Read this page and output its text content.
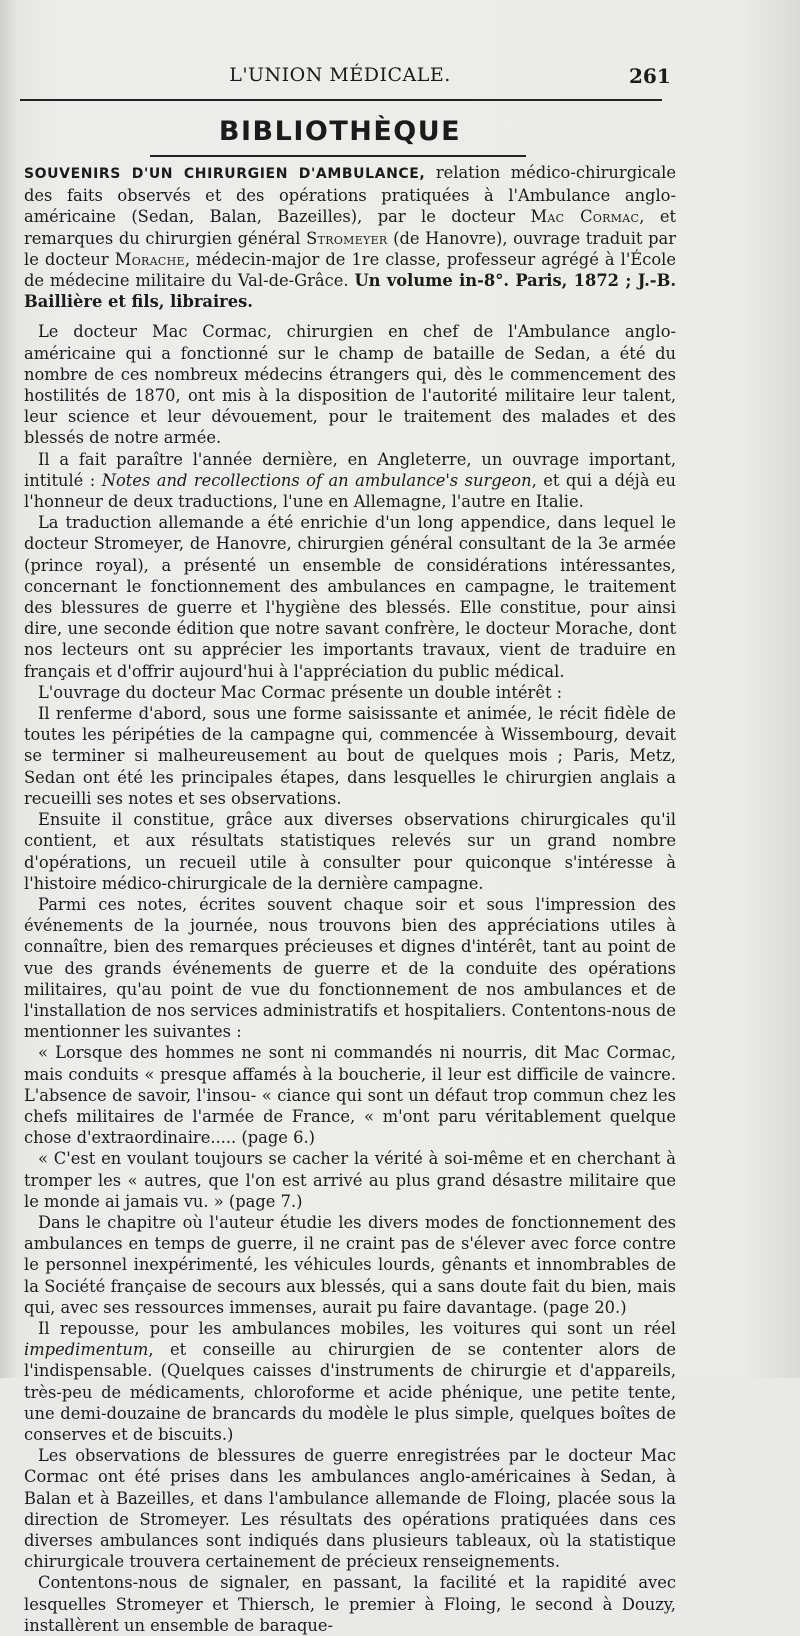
L'UNION MÉDICALE.	261
BIBLIOTHÈQUE

SOUVENIRS D'UN CHIRURGIEN D'AMBULANCE, relation médico-chirurgicale des faits observés et des opérations pratiquées à l'Ambulance anglo-américaine (Sedan, Balan, Bazeilles), par le docteur Mac Cormac, et remarques du chirurgien général Stromeyer (de Hanovre), ouvrage traduit par le docteur Morache, médecin-major de 1re classe, professeur agrégé à l'École de médecine militaire du Val-de-Grâce. Un volume in-8°. Paris, 1872 ; J.-B. Baillière et fils, libraires.

Le docteur Mac Cormac, chirurgien en chef de l'Ambulance anglo-américaine qui a fonctionné sur le champ de bataille de Sedan, a été du nombre de ces nombreux médecins étrangers qui, dès le commencement des hostilités de 1870, ont mis à la disposition de l'autorité militaire leur talent, leur science et leur dévouement, pour le traitement des malades et des blessés de notre armée.

Il a fait paraître l'année dernière, en Angleterre, un ouvrage important, intitulé : Notes and recollections of an ambulance's surgeon, et qui a déjà eu l'honneur de deux traductions, l'une en Allemagne, l'autre en Italie.

La traduction allemande a été enrichie d'un long appendice, dans lequel le docteur Stromeyer, de Hanovre, chirurgien général consultant de la 3e armée (prince royal), a présenté un ensemble de considérations intéressantes, concernant le fonctionnement des ambulances en campagne, le traitement des blessures de guerre et l'hygiène des blessés. Elle constitue, pour ainsi dire, une seconde édition que notre savant confrère, le docteur Morache, dont nos lecteurs ont su apprécier les importants travaux, vient de traduire en français et d'offrir aujourd'hui à l'appréciation du public médical.

L'ouvrage du docteur Mac Cormac présente un double intérêt :

Il renferme d'abord, sous une forme saisissante et animée, le récit fidèle de toutes les péripéties de la campagne qui, commencée à Wissembourg, devait se terminer si malheureusement au bout de quelques mois ; Paris, Metz, Sedan ont été les principales étapes, dans lesquelles le chirurgien anglais a recueilli ses notes et ses observations.

Ensuite il constitue, grâce aux diverses observations chirurgicales qu'il contient, et aux résultats statistiques relevés sur un grand nombre d'opérations, un recueil utile à consulter pour quiconque s'intéresse à l'histoire médico-chirurgicale de la dernière campagne.

Parmi ces notes, écrites souvent chaque soir et sous l'impression des événements de la journée, nous trouvons bien des appréciations utiles à connaître, bien des remarques précieuses et dignes d'intérêt, tant au point de vue des grands événements de guerre et de la conduite des opérations militaires, qu'au point de vue du fonctionnement de nos ambulances et de l'installation de nos services administratifs et hospitaliers. Contentons-nous de mentionner les suivantes :

« Lorsque des hommes ne sont ni commandés ni nourris, dit Mac Cormac, mais conduits « presque affamés à la boucherie, il leur est difficile de vaincre. L'absence de savoir, l'insou- « ciance qui sont un défaut trop commun chez les chefs militaires de l'armée de France, « m'ont paru véritablement quelque chose d'extraordinaire..... (page 6.)

« C'est en voulant toujours se cacher la vérité à soi-même et en cherchant à tromper les « autres, que l'on est arrivé au plus grand désastre militaire que le monde ai jamais vu. » (page 7.)

Dans le chapitre où l'auteur étudie les divers modes de fonctionnement des ambulances en temps de guerre, il ne craint pas de s'élever avec force contre le personnel inexpérimenté, les véhicules lourds, gênants et innombrables de la Société française de secours aux blessés, qui a sans doute fait du bien, mais qui, avec ses ressources immenses, aurait pu faire davantage. (page 20.)

Il repousse, pour les ambulances mobiles, les voitures qui sont un réel impedimentum, et conseille au chirurgien de se contenter alors de l'indispensable. (Quelques caisses d'instruments de chirurgie et d'appareils, très-peu de médicaments, chloroforme et acide phénique, une petite tente, une demi-douzaine de brancards du modèle le plus simple, quelques boîtes de conserves et de biscuits.)

Les observations de blessures de guerre enregistrées par le docteur Mac Cormac ont été prises dans les ambulances anglo-américaines à Sedan, à Balan et à Bazeilles, et dans l'ambulance allemande de Floing, placée sous la direction de Stromeyer. Les résultats des opérations pratiquées dans ces diverses ambulances sont indiqués dans plusieurs tableaux, où la statistique chirurgicale trouvera certainement de précieux renseignements.

Contentons-nous de signaler, en passant, la facilité et la rapidité avec lesquelles Stromeyer et Thiersch, le premier à Floing, le second à Douzy, installèrent un ensemble de baraque-
